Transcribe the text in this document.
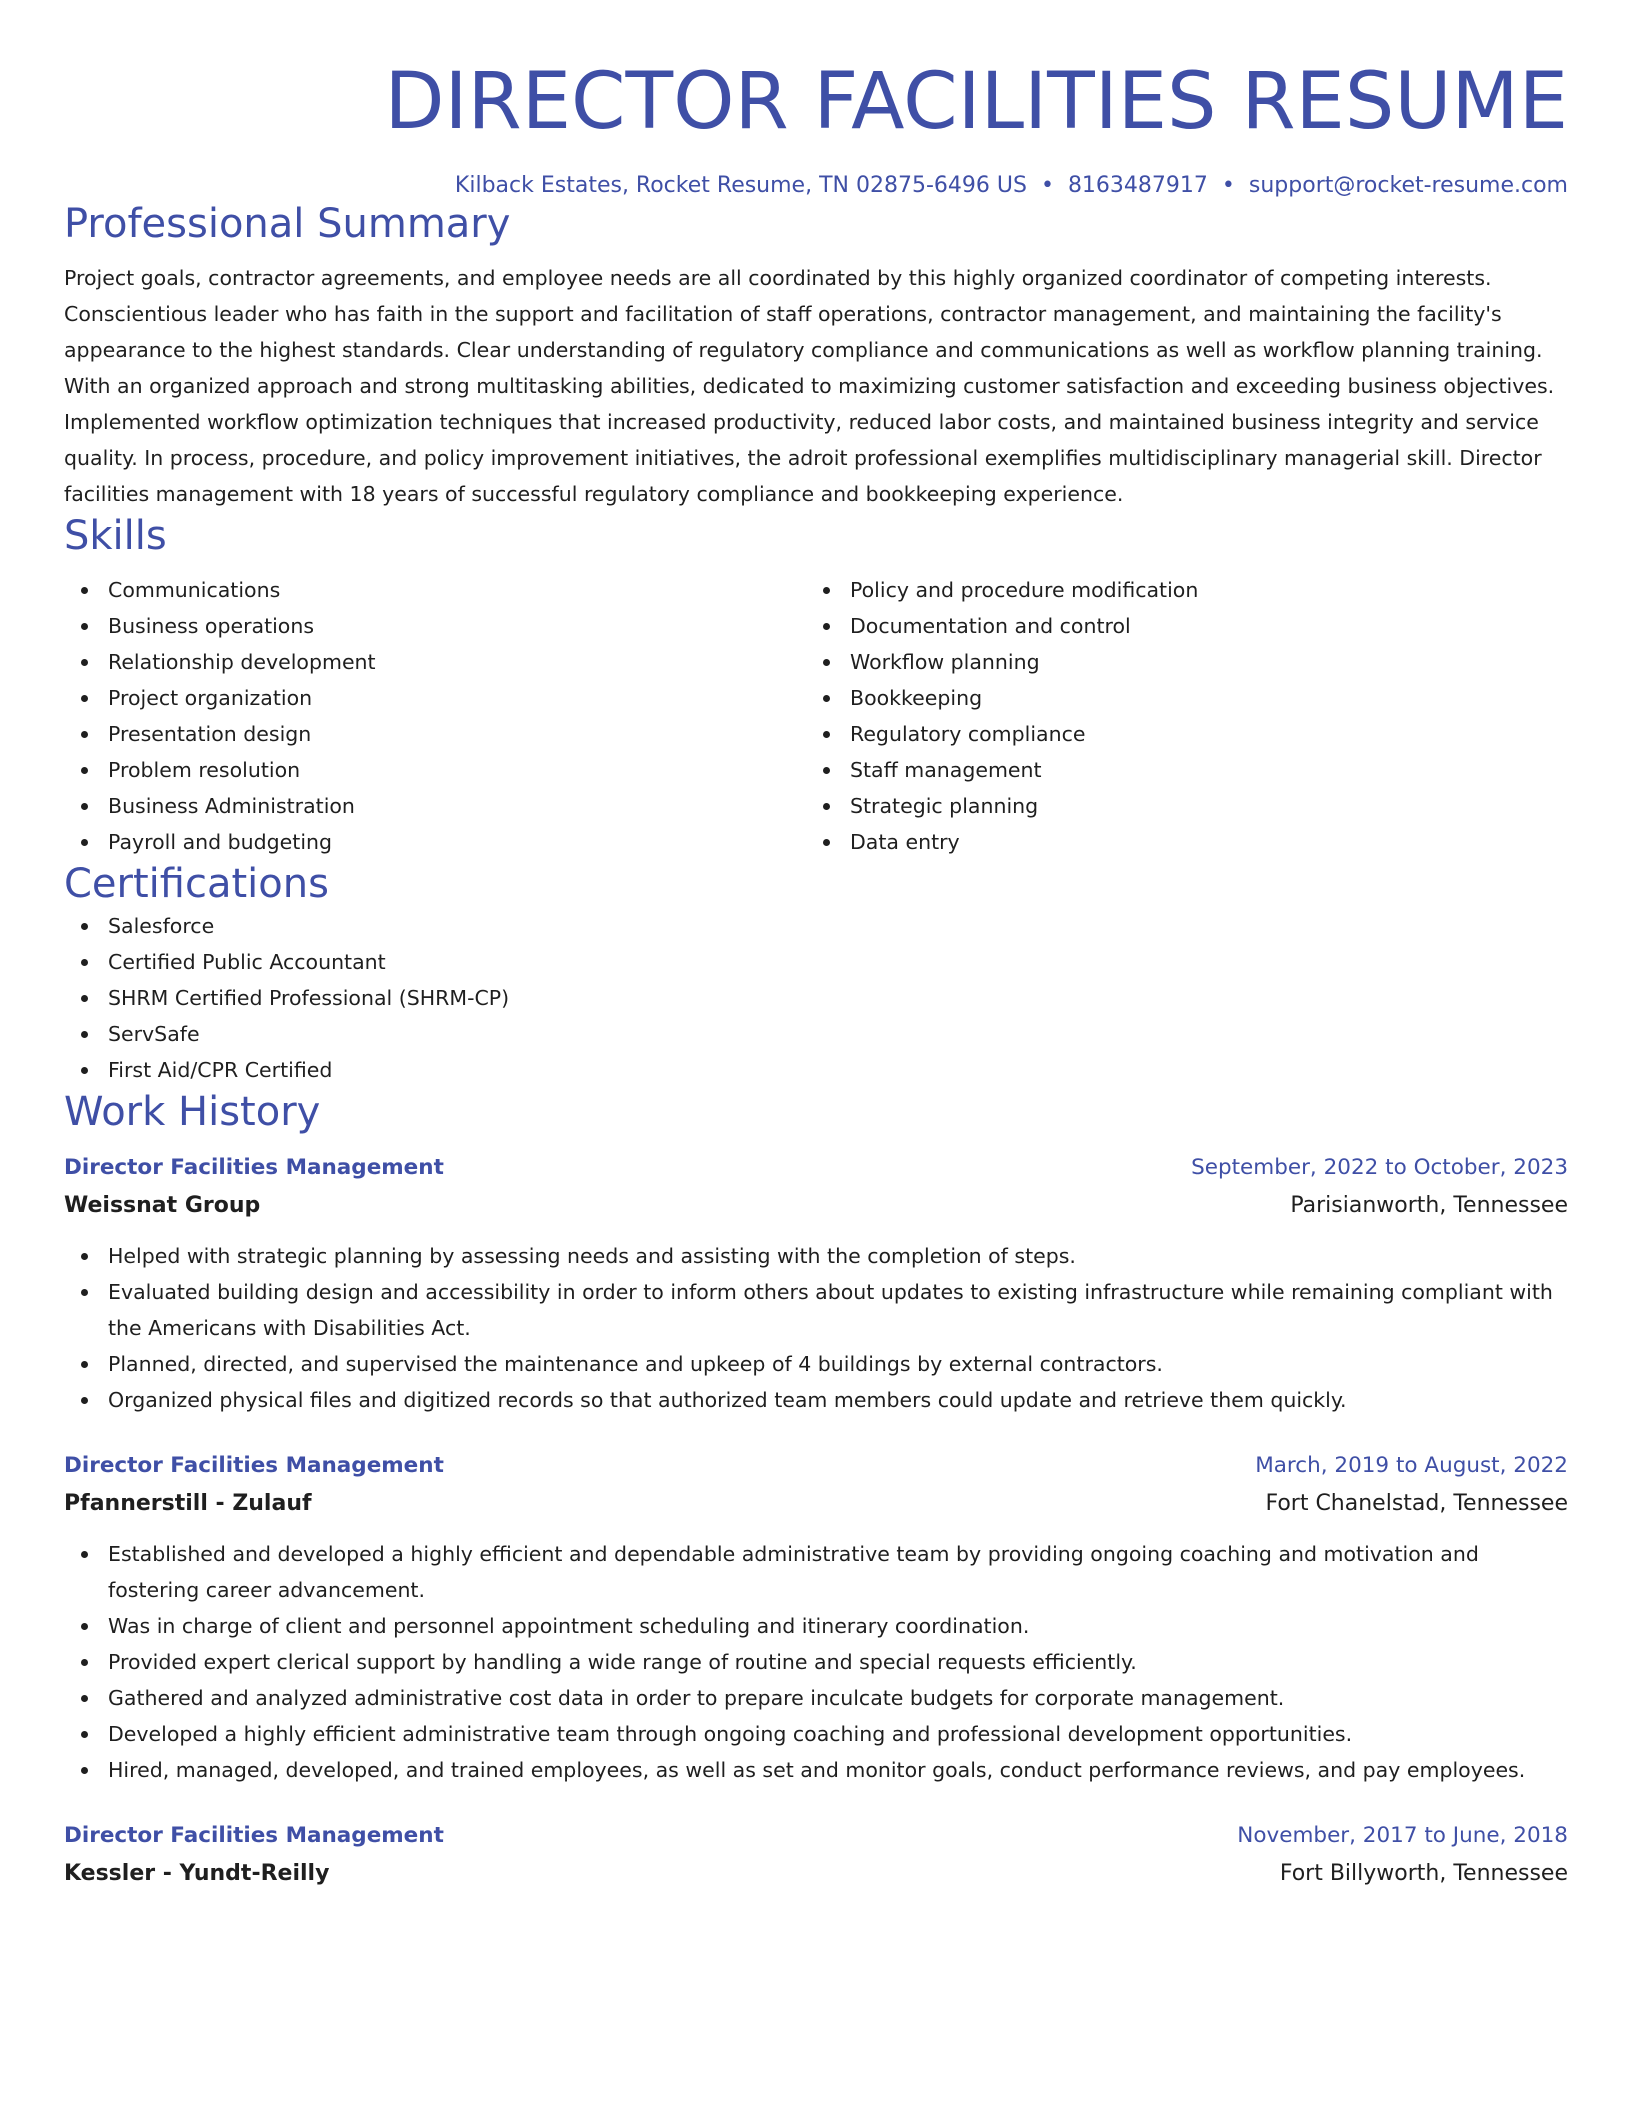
DIRECTOR FACILITIES RESUME
Kilback Estates, Rocket Resume, TN 02875-6496 US • 8163487917 • support@rocket-resume.com
Professional Summary
Project goals, contractor agreements, and employee needs are all coordinated by this highly organized coordinator of competing interests. Conscientious leader who has faith in the support and facilitation of staff operations, contractor management, and maintaining the facility's appearance to the highest standards. Clear understanding of regulatory compliance and communications as well as workflow planning training. With an organized approach and strong multitasking abilities, dedicated to maximizing customer satisfaction and exceeding business objectives. Implemented workflow optimization techniques that increased productivity, reduced labor costs, and maintained business integrity and service quality. In process, procedure, and policy improvement initiatives, the adroit professional exemplifies multidisciplinary managerial skill. Director facilities management with 18 years of successful regulatory compliance and bookkeeping experience.
Skills
Communications
Business operations
Relationship development
Project organization
Presentation design
Problem resolution
Business Administration
Payroll and budgeting
Policy and procedure modification
Documentation and control
Workflow planning
Bookkeeping
Regulatory compliance
Staff management
Strategic planning
Data entry
Certifications
Salesforce
Certified Public Accountant
SHRM Certified Professional (SHRM-CP)
ServSafe
First Aid/CPR Certified
Work History
Director Facilities Management	September, 2022 to October, 2023
Weissnat Group	Parisianworth, Tennessee
Helped with strategic planning by assessing needs and assisting with the completion of steps.
Evaluated building design and accessibility in order to inform others about updates to existing infrastructure while remaining compliant with the Americans with Disabilities Act.
Planned, directed, and supervised the maintenance and upkeep of 4 buildings by external contractors.
Organized physical files and digitized records so that authorized team members could update and retrieve them quickly.
Director Facilities Management	March, 2019 to August, 2022
Pfannerstill - Zulauf	Fort Chanelstad, Tennessee
Established and developed a highly efficient and dependable administrative team by providing ongoing coaching and motivation and fostering career advancement.
Was in charge of client and personnel appointment scheduling and itinerary coordination.
Provided expert clerical support by handling a wide range of routine and special requests efficiently.
Gathered and analyzed administrative cost data in order to prepare inculcate budgets for corporate management.
Developed a highly efficient administrative team through ongoing coaching and professional development opportunities.
Hired, managed, developed, and trained employees, as well as set and monitor goals, conduct performance reviews, and pay employees.
Director Facilities Management	November, 2017 to June, 2018
Kessler - Yundt-Reilly	Fort Billyworth, Tennessee
